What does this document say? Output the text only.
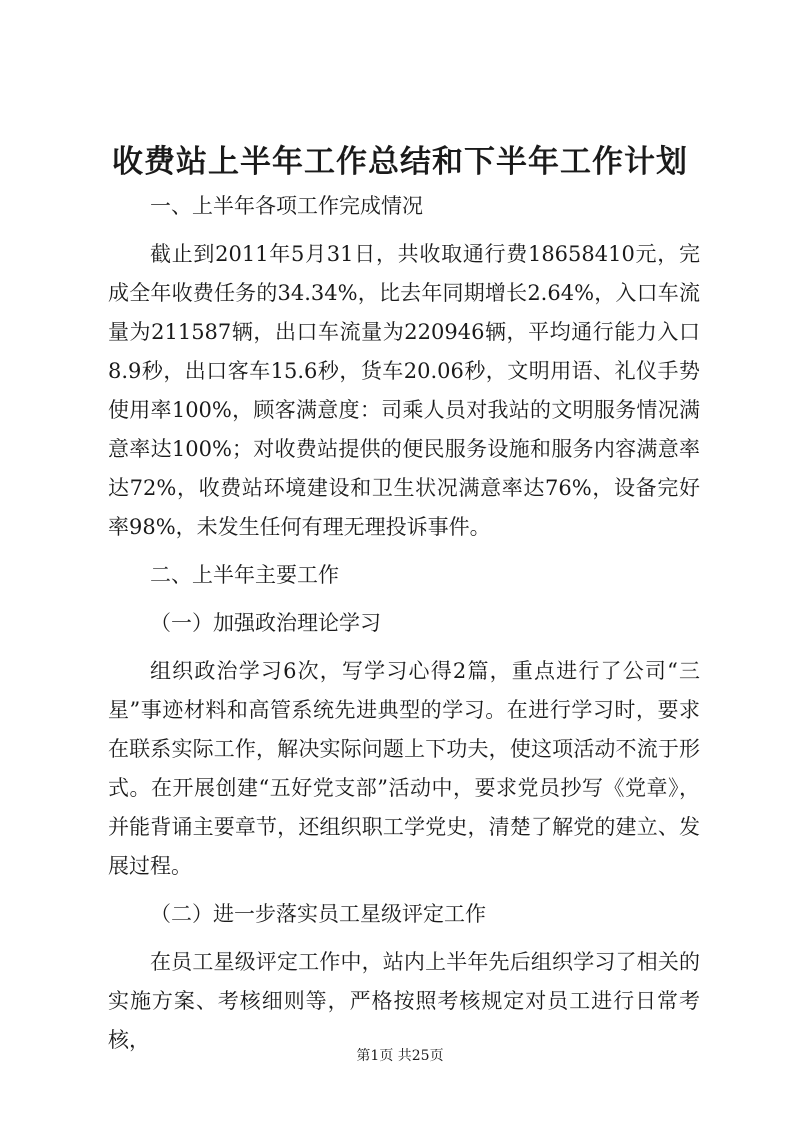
收费站上半年工作总结和下半年工作计划

一、上半年各项工作完成情况

截止到2011年5月31日，共收取通行费18658410元，完成全年收费任务的34.34%，比去年同期增长2.64%，入口车流量为211587辆，出口车流量为220946辆，平均通行能力入口8.9秒，出口客车15.6秒，货车20.06秒，文明用语、礼仪手势使用率100%，顾客满意度：司乘人员对我站的文明服务情况满意率达100%；对收费站提供的便民服务设施和服务内容满意率达72%，收费站环境建设和卫生状况满意率达76%，设备完好率98%，未发生任何有理无理投诉事件。

二、上半年主要工作

（一）加强政治理论学习

组织政治学习6次，写学习心得2篇，重点进行了公司“三星”事迹材料和高管系统先进典型的学习。在进行学习时，要求在联系实际工作，解决实际问题上下功夫，使这项活动不流于形式。在开展创建“五好党支部”活动中，要求党员抄写《党章》，并能背诵主要章节，还组织职工学党史，清楚了解党的建立、发展过程。

（二）进一步落实员工星级评定工作

在员工星级评定工作中，站内上半年先后组织学习了相关的实施方案、考核细则等，严格按照考核规定对员工进行日常考核，

第1页 共25页
